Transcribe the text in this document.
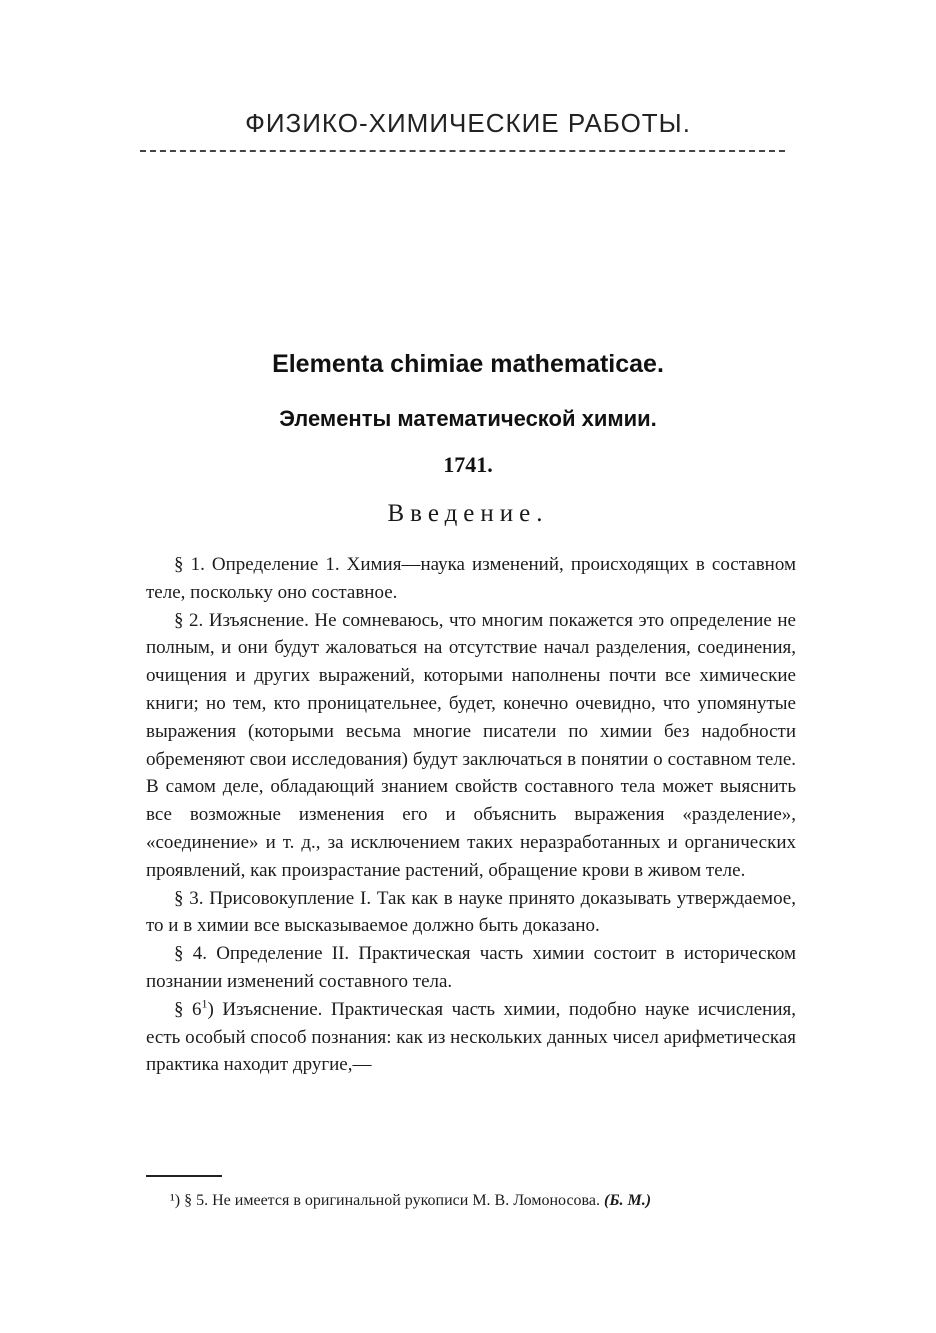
ФИЗИКО-ХИМИЧЕСКИЕ РАБОТЫ.
Elementa chimiae mathematicae.
Элементы математической химии.
1741.
Введение.

§ 1. Определение 1. Химия—наука изменений, происходящих в составном теле, поскольку оно составное.

§ 2. Изъяснение. Не сомневаюсь, что многим покажется это определение не полным, и они будут жаловаться на отсутствие начал разделения, соединения, очищения и других выражений, которыми наполнены почти все химические книги; но тем, кто проницательнее, будет, конечно очевидно, что упомянутые выражения (которыми весьма многие писатели по химии без надобности обременяют свои исследования) будут заключаться в понятии о составном теле. В самом деле, обладающий знанием свойств составного тела может выяснить все возможные изменения его и объяснить выражения «разделение», «соединение» и т. д., за исключением таких неразработанных и органических проявлений, как произрастание растений, обращение крови в живом теле.

§ 3. Присовокупление I. Так как в науке принято доказывать утверждаемое, то и в химии все высказываемое должно быть доказано.

§ 4. Определение II. Практическая часть химии состоит в историческом познании изменений составного тела.

§ $6^1$) Изъяснение. Практическая часть химии, подобно науке исчисления, есть особый способ познания: как из нескольких данных чисел арифметическая практика находит другие,—

¹) § 5. Не имеется в оригинальной рукописи М. В. Ломоносова. (Б. М.)
